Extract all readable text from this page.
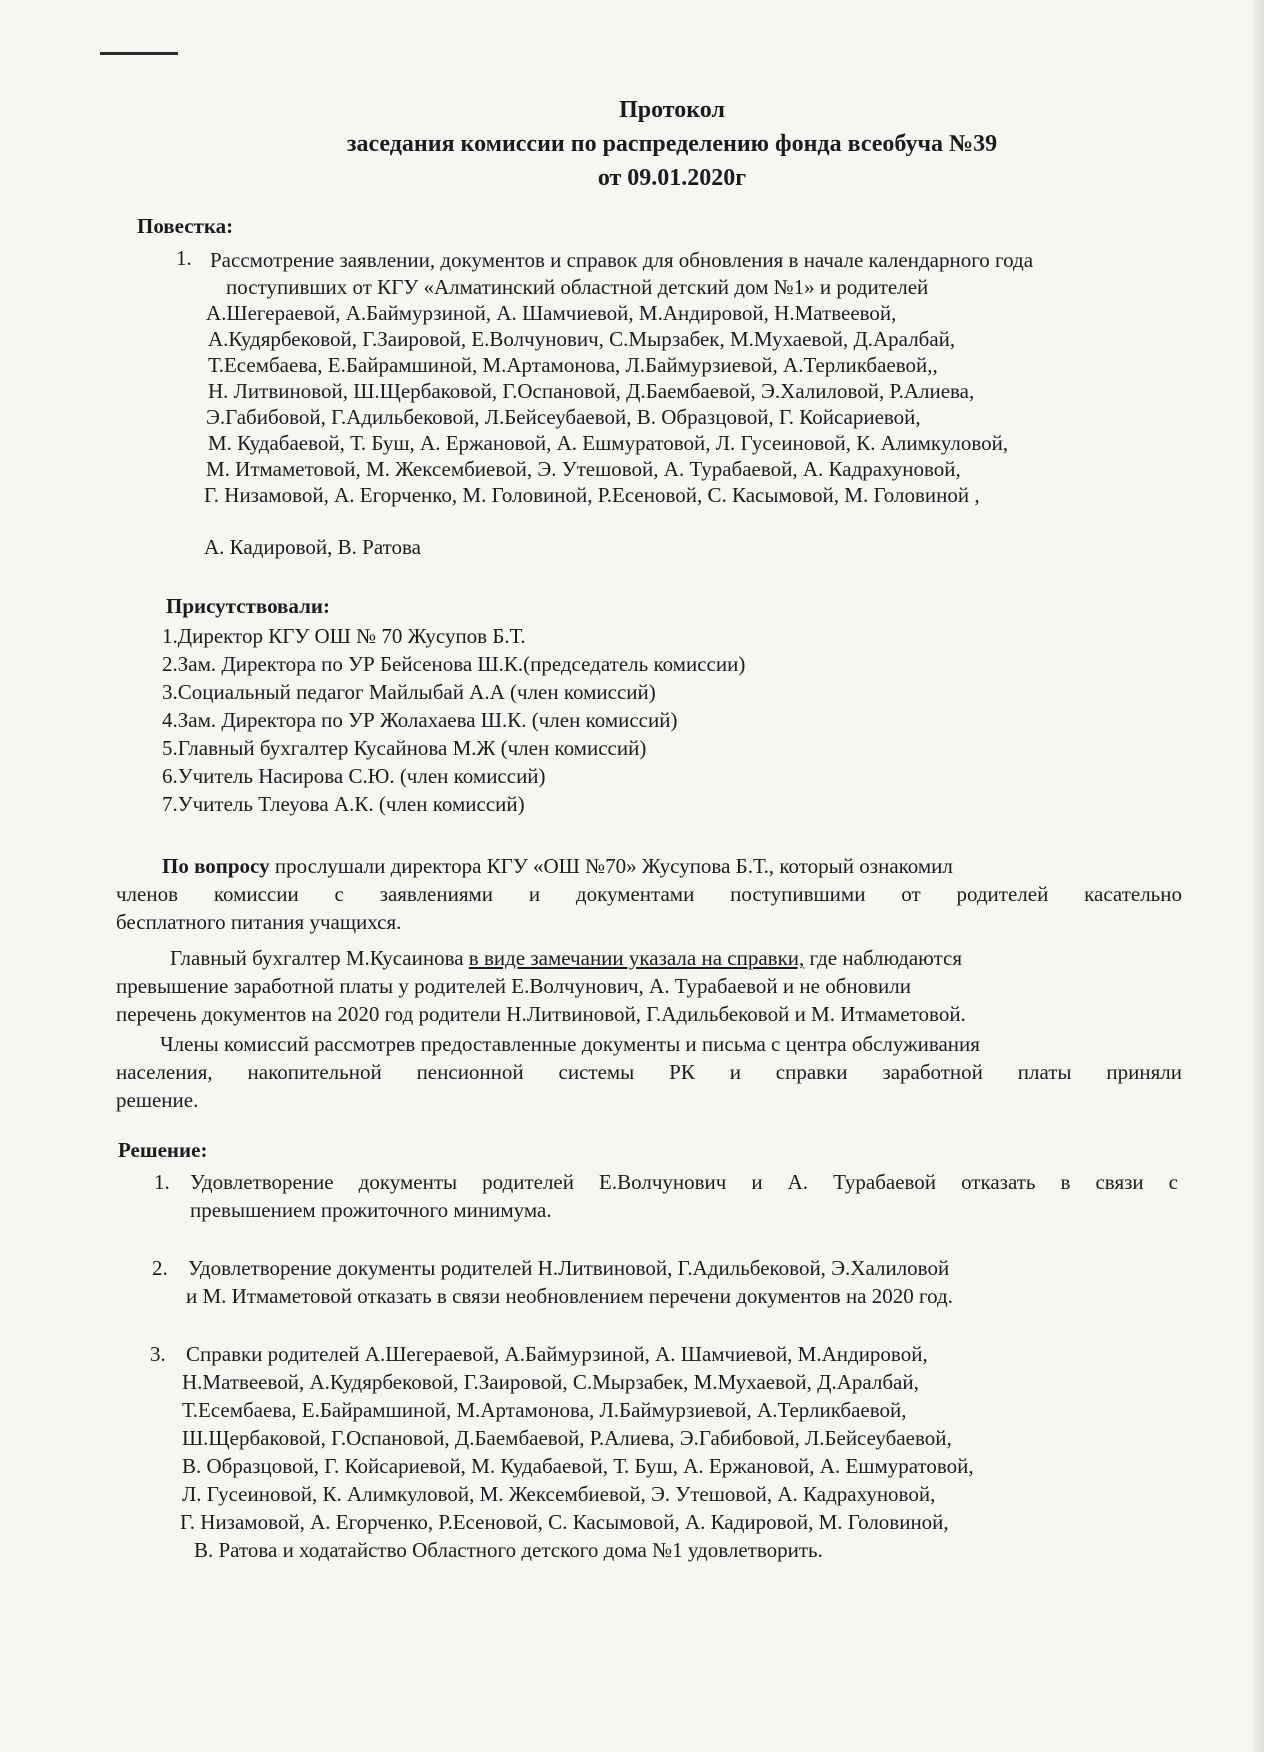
Протокол
заседания комиссии по распределению фонда всеобуча №39
от 09.01.2020г
Повестка:
1. Рассмотрение заявлении, документов и справок для обновления в начале календарного года
поступивших от КГУ «Алматинский областной детский дом №1» и родителей
А.Шегераевой, А.Баймурзиной, А. Шамчиевой, М.Андировой, Н.Матвеевой,
А.Кудярбековой, Г.Заировой, Е.Волчунович, С.Мырзабек, М.Мухаевой, Д.Аралбай,
Т.Есембаева, Е.Байрамшиной, М.Артамонова, Л.Баймурзиевой, А.Терликбаевой,,
Н. Литвиновой, Ш.Щербаковой, Г.Оспановой, Д.Баембаевой, Э.Халиловой, Р.Алиева,
Э.Габибовой, Г.Адильбековой, Л.Бейсеубаевой, В. Образцовой, Г. Койсариевой,
М. Кудабаевой, Т. Буш, А. Ержановой, А. Ешмуратовой, Л. Гусеиновой, К. Алимкуловой,
М. Итмаметовой, М. Жексембиевой, Э. Утешовой, А. Турабаевой, А. Кадрахуновой,
Г. Низамовой, А. Егорченко, М. Головиной, Р.Есеновой, С. Касымовой, М. Головиной ,
А. Кадировой, В. Ратова
Присутствовали:
1.Директор КГУ ОШ № 70 Жусупов Б.Т.
2.Зам. Директора по УР Бейсенова Ш.К.(председатель комиссии)
3.Социальный педагог Майлыбай А.А (член комиссий)
4.Зам. Директора по УР Жолахаева Ш.К. (член комиссий)
5.Главный бухгалтер Кусайнова М.Ж (член комиссий)
6.Учитель Насирова С.Ю. (член комиссий)
7.Учитель Тлеуова А.К. (член комиссий)
По вопросу прослушали директора КГУ «ОШ №70» Жусупова Б.Т., который ознакомил
членов комиссии с заявлениями и документами поступившими от родителей касательно
бесплатного питания учащихся.
Главный бухгалтер М.Кусаинова в виде замечании указала на справки, где наблюдаются
превышение заработной платы у родителей Е.Волчунович, А. Турабаевой и не обновили
перечень документов на 2020 год родители Н.Литвиновой, Г.Адильбековой и М. Итмаметовой.
Члены комиссий рассмотрев предоставленные документы и письма с центра обслуживания
населения, накопительной пенсионной системы РК и справки заработной платы приняли
решение.
Решение:
1. Удовлетворение документы родителей Е.Волчунович и А. Турабаевой отказать в связи с
превышением прожиточного минимума.
2. Удовлетворение документы родителей Н.Литвиновой, Г.Адильбековой, Э.Халиловой
и М. Итмаметовой отказать в связи необновлением перечени документов на 2020 год.
3. Справки родителей А.Шегераевой, А.Баймурзиной, А. Шамчиевой, М.Андировой,
Н.Матвеевой, А.Кудярбековой, Г.Заировой, С.Мырзабек, М.Мухаевой, Д.Аралбай,
Т.Есембаева, Е.Байрамшиной, М.Артамонова, Л.Баймурзиевой, А.Терликбаевой,
Ш.Щербаковой, Г.Оспановой, Д.Баембаевой, Р.Алиева, Э.Габибовой, Л.Бейсеубаевой,
В. Образцовой, Г. Койсариевой, М. Кудабаевой, Т. Буш, А. Ержановой, А. Ешмуратовой,
Л. Гусеиновой, К. Алимкуловой, М. Жексембиевой, Э. Утешовой, А. Кадрахуновой,
Г. Низамовой, А. Егорченко, Р.Есеновой, С. Касымовой, А. Кадировой, М. Головиной,
В. Ратова и ходатайство Областного детского дома №1 удовлетворить.
